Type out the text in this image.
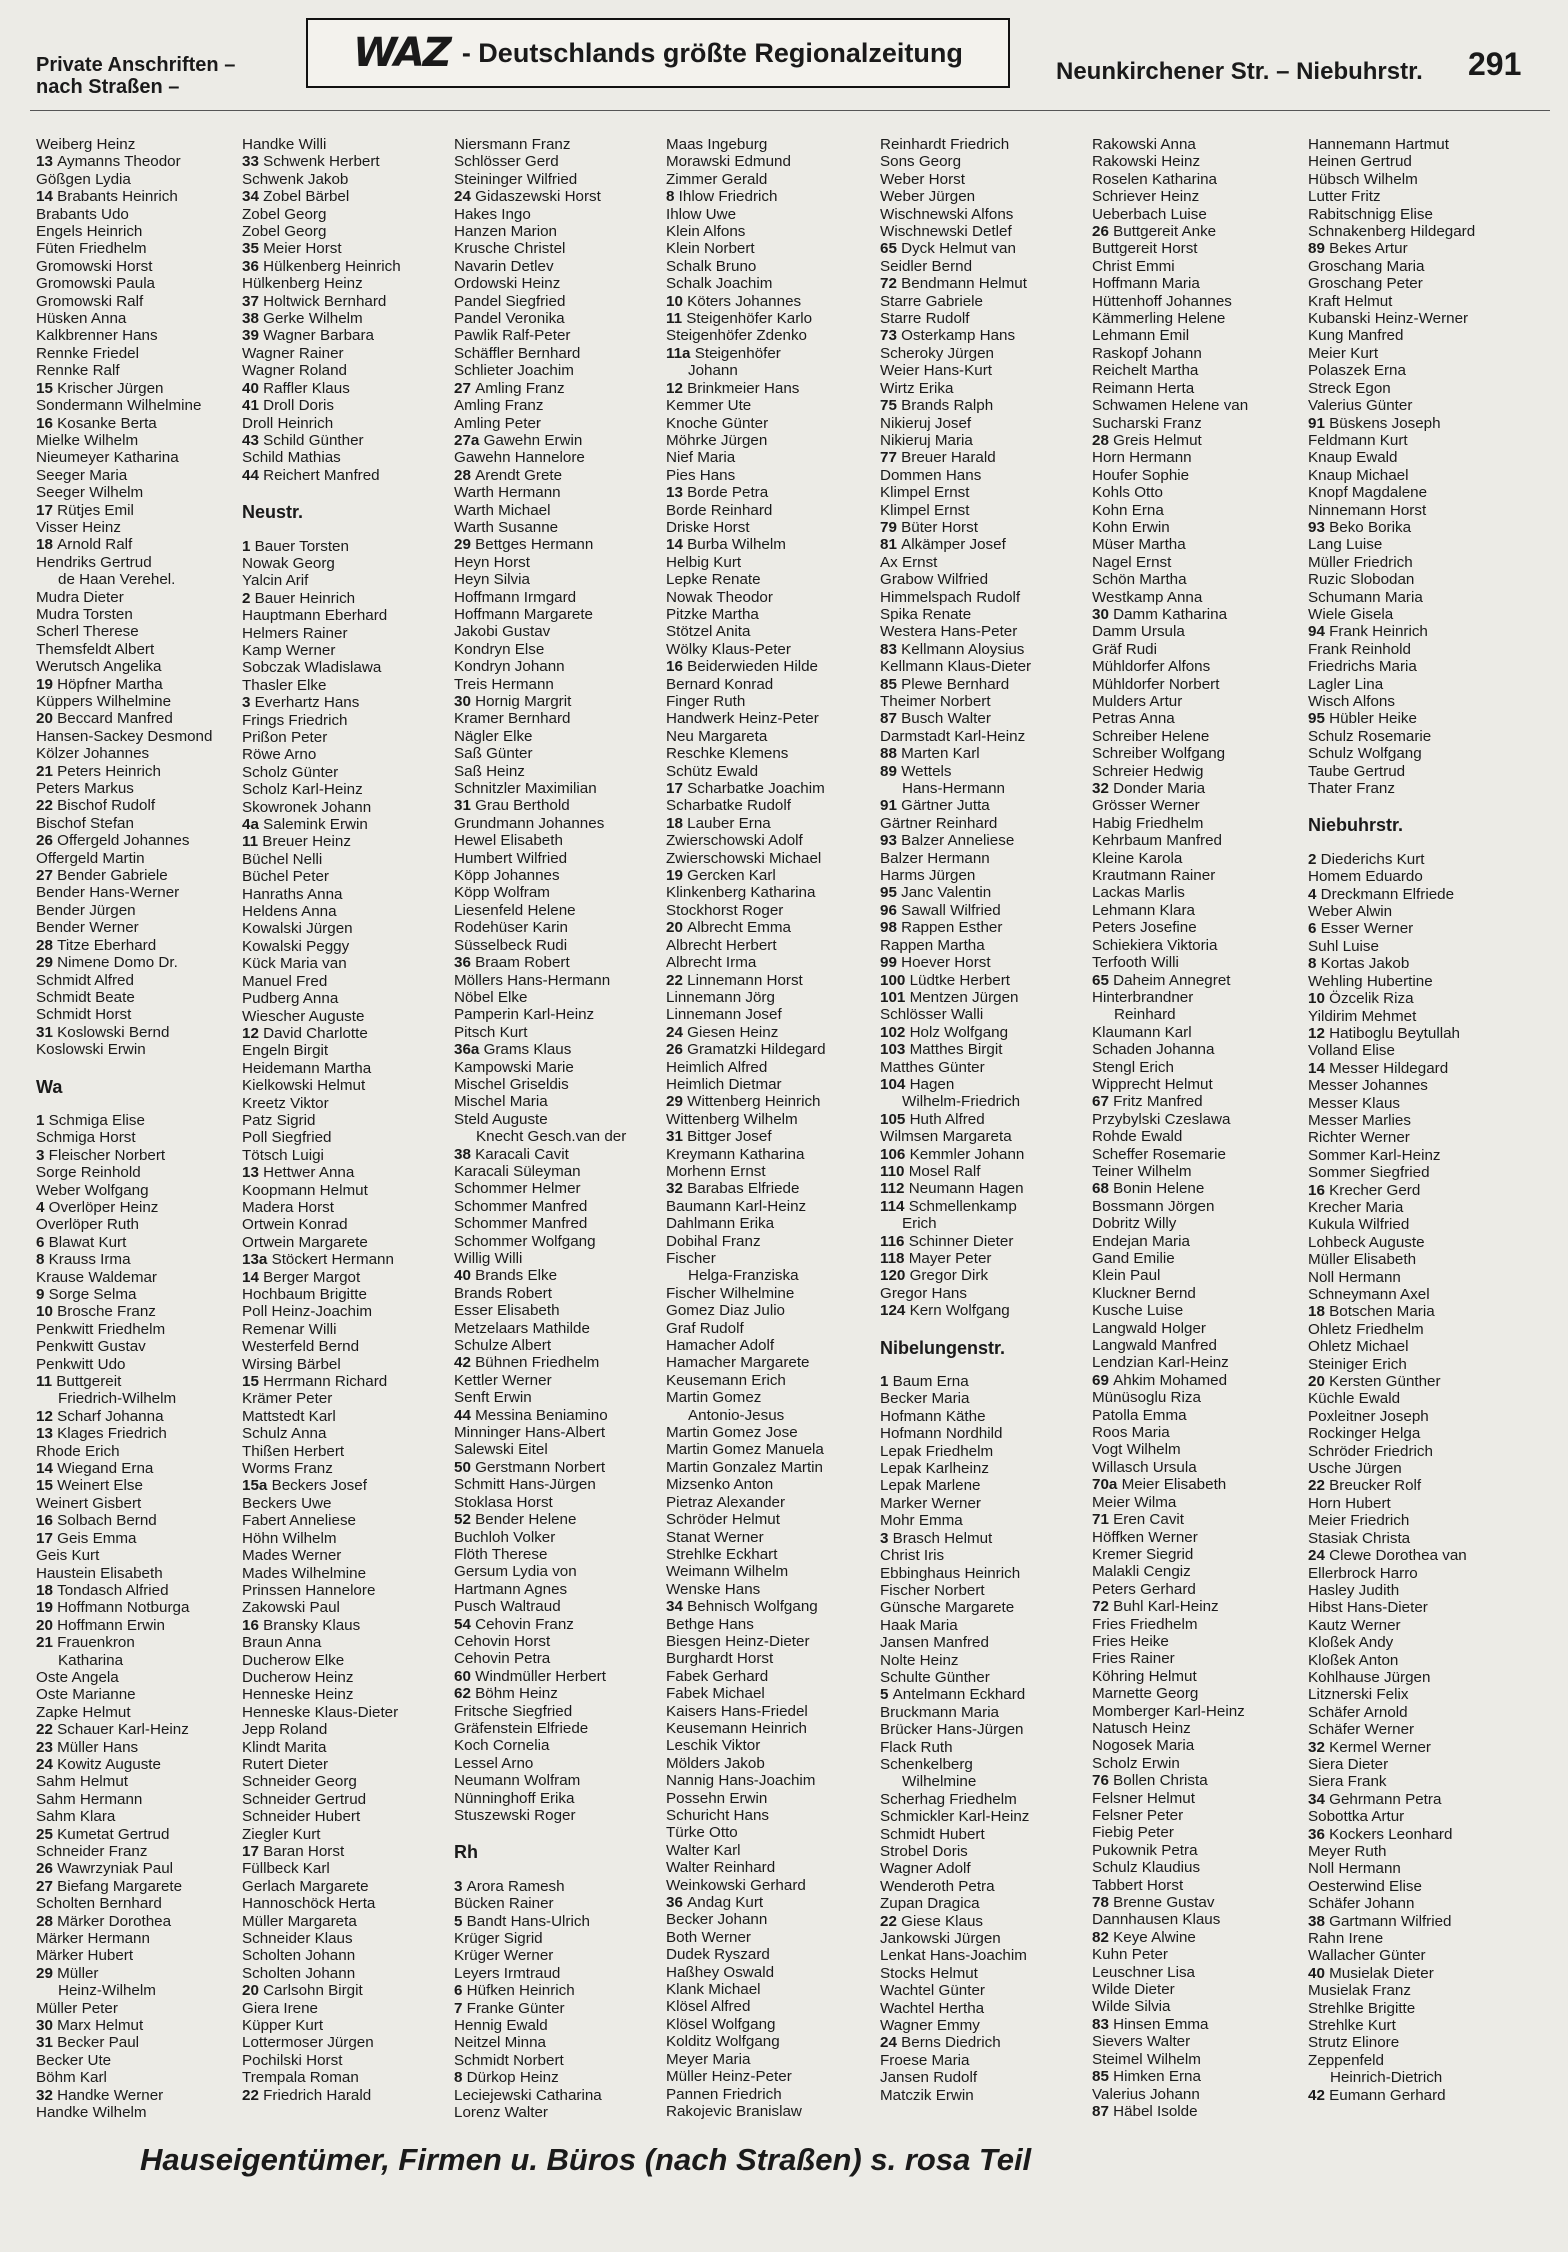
Private Anschriften – nach Straßen –
WAZ - Deutschlands größte Regionalzeitung
Neunkirchener Str. – Niebuhrstr. 291
Weiberg Heinz
13 Aymanns Theodor
Gößgen Lydia
14 Brabants Heinrich
Brabants Udo
Engels Heinrich
Füten Friedhelm
Gromowski Horst
Gromowski Paula
Gromowski Ralf
Hüsken Anna
Kalkbrenner Hans
Rennke Friedel
Rennke Ralf
15 Krischer Jürgen
Sondermann Wilhelmine
16 Kosanke Berta
Mielke Wilhelm
Nieumeyer Katharina
Seeger Maria
Seeger Wilhelm
17 Rütjes Emil
Visser Heinz
18 Arnold Ralf
Hendriks Gertrud
de Haan Verehel.
Mudra Dieter
Mudra Torsten
Scherl Therese
Themsfeldt Albert
Werutsch Angelika
19 Höpfner Martha
Küppers Wilhelmine
20 Beccard Manfred
Hansen-Sackey Desmond
Kölzer Johannes
21 Peters Heinrich
Peters Markus
22 Bischof Rudolf
Bischof Stefan
26 Offergeld Johannes
Offergeld Martin
27 Bender Gabriele
Bender Hans-Werner
Bender Jürgen
Bender Werner
28 Titze Eberhard
29 Nimene Domo Dr.
Schmidt Alfred
Schmidt Beate
Schmidt Horst
31 Koslowski Bernd
Koslowski Erwin
Wa
1 Schmiga Elise
Schmiga Horst
3 Fleischer Norbert
Sorge Reinhold
Weber Wolfgang
4 Overlöper Heinz
Overlöper Ruth
6 Blawat Kurt
8 Krauss Irma
Krause Waldemar
9 Sorge Selma
10 Brosche Franz
Penkwitt Friedhelm
Penkwitt Gustav
Penkwitt Udo
11 Buttgereit
Friedrich-Wilhelm
12 Scharf Johanna
13 Klages Friedrich
Rhode Erich
14 Wiegand Erna
15 Weinert Else
Weinert Gisbert
16 Solbach Bernd
17 Geis Emma
Geis Kurt
Haustein Elisabeth
18 Tondasch Alfried
19 Hoffmann Notburga
20 Hoffmann Erwin
21 Frauenkron
Katharina
Oste Angela
Oste Marianne
Zapke Helmut
22 Schauer Karl-Heinz
23 Müller Hans
24 Kowitz Auguste
Sahm Helmut
Sahm Hermann
Sahm Klara
25 Kumetat Gertrud
Schneider Franz
26 Wawrzyniak Paul
27 Biefang Margarete
Scholten Bernhard
28 Märker Dorothea
Märker Hermann
Märker Hubert
29 Müller
Heinz-Wilhelm
Müller Peter
30 Marx Helmut
31 Becker Paul
Becker Ute
Böhm Karl
32 Handke Werner
Handke Wilhelm
Handke Willi
33 Schwenk Herbert
Schwenk Jakob
34 Zobel Bärbel
Zobel Georg
Zobel Georg
35 Meier Horst
36 Hülkenberg Heinrich
Hülkenberg Heinz
37 Holtwick Bernhard
38 Gerke Wilhelm
39 Wagner Barbara
Wagner Rainer
Wagner Roland
40 Raffler Klaus
41 Droll Doris
Droll Heinrich
43 Schild Günther
Schild Mathias
44 Reichert Manfred
Neustr.
1 Bauer Torsten
Nowak Georg
Yalcin Arif
2 Bauer Heinrich
Hauptmann Eberhard
Helmers Rainer
Kamp Werner
Sobczak Wladislawa
Thasler Elke
3 Everhartz Hans
Frings Friedrich
Prißon Peter
Röwe Arno
Scholz Günter
Scholz Karl-Heinz
Skowronek Johann
4a Salemink Erwin
11 Breuer Heinz
Büchel Nelli
Büchel Peter
Hanraths Anna
Heldens Anna
Kowalski Jürgen
Kowalski Peggy
Kück Maria van
Manuel Fred
Pudberg Anna
Wiescher Auguste
12 David Charlotte
Engeln Birgit
Heidemann Martha
Kielkowski Helmut
Kreetz Viktor
Patz Sigrid
Poll Siegfried
Tötsch Luigi
13 Hettwer Anna
Koopmann Helmut
Madera Horst
Ortwein Konrad
Ortwein Margarete
13a Stöckert Hermann
14 Berger Margot
Hochbaum Brigitte
Poll Heinz-Joachim
Remenar Willi
Westerfeld Bernd
Wirsing Bärbel
15 Herrmann Richard
Krämer Peter
Mattstedt Karl
Schulz Anna
Thißen Herbert
Worms Franz
15a Beckers Josef
Beckers Uwe
Fabert Anneliese
Höhn Wilhelm
Mades Werner
Mades Wilhelmine
Prinssen Hannelore
Zakowski Paul
16 Bransky Klaus
Braun Anna
Ducherow Elke
Ducherow Heinz
Henneske Heinz
Henneske Klaus-Dieter
Jepp Roland
Klindt Marita
Rutert Dieter
Schneider Georg
Schneider Gertrud
Schneider Hubert
Ziegler Kurt
17 Baran Horst
Füllbeck Karl
Gerlach Margarete
Hannoschöck Herta
Müller Margareta
Schneider Klaus
Scholten Johann
Scholten Johann
20 Carlsohn Birgit
Giera Irene
Küpper Kurt
Lottermoser Jürgen
Pochilski Horst
Trempala Roman
22 Friedrich Harald
Niersmann Franz
Schlösser Gerd
Steininger Wilfried
24 Gidaszewski Horst
Hakes Ingo
Hanzen Marion
Krusche Christel
Navarin Detlev
Ordowski Heinz
Pandel Siegfried
Pandel Veronika
Pawlik Ralf-Peter
Schäffler Bernhard
Schlieter Joachim
27 Amling Franz
Amling Franz
Amling Peter
27a Gawehn Erwin
Gawehn Hannelore
28 Arendt Grete
Warth Hermann
Warth Michael
Warth Susanne
29 Bettges Hermann
Heyn Horst
Heyn Silvia
Hoffmann Irmgard
Hoffmann Margarete
Jakobi Gustav
Kondryn Else
Kondryn Johann
Treis Hermann
30 Hornig Margrit
Kramer Bernhard
Nägler Elke
Saß Günter
Saß Heinz
Schnitzler Maximilian
31 Grau Berthold
Grundmann Johannes
Hewel Elisabeth
Humbert Wilfried
Köpp Johannes
Köpp Wolfram
Liesenfeld Helene
Rodehüser Karin
Süsselbeck Rudi
36 Braam Robert
Möllers Hans-Hermann
Nöbel Elke
Pamperin Karl-Heinz
Pitsch Kurt
36a Grams Klaus
Kampowski Marie
Mischel Griseldis
Mischel Maria
Steld Auguste
Knecht Gesch.van der
38 Karacali Cavit
Karacali Süleyman
Schommer Helmer
Schommer Manfred
Schommer Manfred
Schommer Wolfgang
Willig Willi
40 Brands Elke
Brands Robert
Esser Elisabeth
Metzelaars Mathilde
Schulze Albert
42 Bühnen Friedhelm
Kettler Werner
Senft Erwin
44 Messina Beniamino
Minninger Hans-Albert
Salewski Eitel
50 Gerstmann Norbert
Schmitt Hans-Jürgen
Stoklasa Horst
52 Bender Helene
Buchloh Volker
Flöth Therese
Gersum Lydia von
Hartmann Agnes
Pusch Waltraud
54 Cehovin Franz
Cehovin Horst
Cehovin Petra
60 Windmüller Herbert
62 Böhm Heinz
Fritsche Siegfried
Gräfenstein Elfriede
Koch Cornelia
Lessel Arno
Neumann Wolfram
Nünninghoff Erika
Stuszewski Roger
Rh
3 Arora Ramesh
Bücken Rainer
5 Bandt Hans-Ulrich
Krüger Sigrid
Krüger Werner
Leyers Irmtraud
6 Hüfken Heinrich
7 Franke Günter
Hennig Ewald
Neitzel Minna
Schmidt Norbert
8 Dürkop Heinz
Leciejewski Catharina
Lorenz Walter
Maas Ingeburg
Morawski Edmund
Zimmer Gerald
8 Ihlow Friedrich
Ihlow Uwe
Klein Alfons
Klein Norbert
Schalk Bruno
Schalk Joachim
10 Köters Johannes
11 Steigenhöfer Karlo
Steigenhöfer Zdenko
11a Steigenhöfer
Johann
12 Brinkmeier Hans
Kemmer Ute
Knoche Günter
Möhrke Jürgen
Nief Maria
Pies Hans
13 Borde Petra
Borde Reinhard
Driske Horst
14 Burba Wilhelm
Helbig Kurt
Lepke Renate
Nowak Theodor
Pitzke Martha
Stötzel Anita
Wölky Klaus-Peter
16 Beiderwieden Hilde
Bernard Konrad
Finger Ruth
Handwerk Heinz-Peter
Neu Margareta
Reschke Klemens
Schütz Ewald
17 Scharbatke Joachim
Scharbatke Rudolf
18 Lauber Erna
Zwierschowski Adolf
Zwierschowski Michael
19 Gercken Karl
Klinkenberg Katharina
Stockhorst Roger
20 Albrecht Emma
Albrecht Herbert
Albrecht Irma
22 Linnemann Horst
Linnemann Jörg
Linnemann Josef
24 Giesen Heinz
26 Gramatzki Hildegard
Heimlich Alfred
Heimlich Dietmar
29 Wittenberg Heinrich
Wittenberg Wilhelm
31 Bittger Josef
Kreymann Katharina
Morhenn Ernst
32 Barabas Elfriede
Baumann Karl-Heinz
Dahlmann Erika
Dobihal Franz
Fischer
Helga-Franziska
Fischer Wilhelmine
Gomez Diaz Julio
Graf Rudolf
Hamacher Adolf
Hamacher Margarete
Keusemann Erich
Martin Gomez
Antonio-Jesus
Martin Gomez Jose
Martin Gomez Manuela
Martin Gonzalez Martin
Mizsenko Anton
Pietraz Alexander
Schröder Helmut
Stanat Werner
Strehlke Eckhart
Weimann Wilhelm
Wenske Hans
34 Behnisch Wolfgang
Bethge Hans
Biesgen Heinz-Dieter
Burghardt Horst
Fabek Gerhard
Fabek Michael
Kaisers Hans-Friedel
Keusemann Heinrich
Leschik Viktor
Mölders Jakob
Nannig Hans-Joachim
Possehn Erwin
Schuricht Hans
Türke Otto
Walter Karl
Walter Reinhard
Weinkowski Gerhard
36 Andag Kurt
Becker Johann
Both Werner
Dudek Ryszard
Haßhey Oswald
Klank Michael
Klösel Alfred
Klösel Wolfgang
Kolditz Wolfgang
Meyer Maria
Müller Heinz-Peter
Pannen Friedrich
Rakojevic Branislaw
Reinhardt Friedrich
Sons Georg
Weber Horst
Weber Jürgen
Wischnewski Alfons
Wischnewski Detlef
65 Dyck Helmut van
Seidler Bernd
72 Bendmann Helmut
Starre Gabriele
Starre Rudolf
73 Osterkamp Hans
Scheroky Jürgen
Weier Hans-Kurt
Wirtz Erika
75 Brands Ralph
Nikieruj Josef
Nikieruj Maria
77 Breuer Harald
Dommen Hans
Klimpel Ernst
Klimpel Ernst
79 Büter Horst
81 Alkämper Josef
Ax Ernst
Grabow Wilfried
Himmelspach Rudolf
Spika Renate
Westera Hans-Peter
83 Kellmann Aloysius
Kellmann Klaus-Dieter
85 Plewe Bernhard
Theimer Norbert
87 Busch Walter
Darmstadt Karl-Heinz
88 Marten Karl
89 Wettels
Hans-Hermann
91 Gärtner Jutta
Gärtner Reinhard
93 Balzer Anneliese
Balzer Hermann
Harms Jürgen
95 Janc Valentin
96 Sawall Wilfried
98 Rappen Esther
Rappen Martha
99 Hoever Horst
100 Lüdtke Herbert
101 Mentzen Jürgen
Schlösser Walli
102 Holz Wolfgang
103 Matthes Birgit
Matthes Günter
104 Hagen
Wilhelm-Friedrich
105 Huth Alfred
Wilmsen Margareta
106 Kemmler Johann
110 Mosel Ralf
112 Neumann Hagen
114 Schmellenkamp
Erich
116 Schinner Dieter
118 Mayer Peter
120 Gregor Dirk
Gregor Hans
124 Kern Wolfgang
Nibelungenstr.
1 Baum Erna
Becker Maria
Hofmann Käthe
Hofmann Nordhild
Lepak Friedhelm
Lepak Karlheinz
Lepak Marlene
Marker Werner
Mohr Emma
3 Brasch Helmut
Christ Iris
Ebbinghaus Heinrich
Fischer Norbert
Günsche Margarete
Haak Maria
Jansen Manfred
Nolte Heinz
Schulte Günther
5 Antelmann Eckhard
Bruckmann Maria
Brücker Hans-Jürgen
Flack Ruth
Schenkelberg
Wilhelmine
Scherhag Friedhelm
Schmickler Karl-Heinz
Schmidt Hubert
Strobel Doris
Wagner Adolf
Wenderoth Petra
Zupan Dragica
22 Giese Klaus
Jankowski Jürgen
Lenkat Hans-Joachim
Stocks Helmut
Wachtel Günter
Wachtel Hertha
Wagner Emmy
24 Berns Diedrich
Froese Maria
Jansen Rudolf
Matczik Erwin
Rakowski Anna
Rakowski Heinz
Roselen Katharina
Schriever Heinz
Ueberbach Luise
26 Buttgereit Anke
Buttgereit Horst
Christ Emmi
Hoffmann Maria
Hüttenhoff Johannes
Kämmerling Helene
Lehmann Emil
Raskopf Johann
Reichelt Martha
Reimann Herta
Schwamen Helene van
Sucharski Franz
28 Greis Helmut
Horn Hermann
Houfer Sophie
Kohls Otto
Kohn Erna
Kohn Erwin
Müser Martha
Nagel Ernst
Schön Martha
Westkamp Anna
30 Damm Katharina
Damm Ursula
Gräf Rudi
Mühldorfer Alfons
Mühldorfer Norbert
Mulders Artur
Petras Anna
Schreiber Helene
Schreiber Wolfgang
Schreier Hedwig
32 Donder Maria
Grösser Werner
Habig Friedhelm
Kehrbaum Manfred
Kleine Karola
Krautmann Rainer
Lackas Marlis
Lehmann Klara
Peters Josefine
Schiekiera Viktoria
Terfooth Willi
65 Daheim Annegret
Hinterbrandner
Reinhard
Klaumann Karl
Schaden Johanna
Stengl Erich
Wipprecht Helmut
67 Fritz Manfred
Przybylski Czeslawa
Rohde Ewald
Scheffer Rosemarie
Teiner Wilhelm
68 Bonin Helene
Bossmann Jörgen
Dobritz Willy
Endejan Maria
Gand Emilie
Klein Paul
Kluckner Bernd
Kusche Luise
Langwald Holger
Langwald Manfred
Lendzian Karl-Heinz
69 Ahkim Mohamed
Münüsoglu Riza
Patolla Emma
Roos Maria
Vogt Wilhelm
Willasch Ursula
70a Meier Elisabeth
Meier Wilma
71 Eren Cavit
Höffken Werner
Kremer Siegrid
Malakli Cengiz
Peters Gerhard
72 Buhl Karl-Heinz
Fries Friedhelm
Fries Heike
Fries Rainer
Köhring Helmut
Marnette Georg
Momberger Karl-Heinz
Natusch Heinz
Nogosek Maria
Scholz Erwin
76 Bollen Christa
Felsner Helmut
Felsner Peter
Fiebig Peter
Pukownik Petra
Schulz Klaudius
Tabbert Horst
78 Brenne Gustav
Dannhausen Klaus
82 Keye Alwine
Kuhn Peter
Leuschner Lisa
Wilde Dieter
Wilde Silvia
83 Hinsen Emma
Sievers Walter
Steimel Wilhelm
85 Himken Erna
Valerius Johann
87 Häbel Isolde
Hannemann Hartmut
Heinen Gertrud
Hübsch Wilhelm
Lutter Fritz
Rabitschnigg Elise
Schnakenberg Hildegard
89 Bekes Artur
Groschang Maria
Groschang Peter
Kraft Helmut
Kubanski Heinz-Werner
Kung Manfred
Meier Kurt
Polaszek Erna
Streck Egon
Valerius Günter
91 Büskens Joseph
Feldmann Kurt
Knaup Ewald
Knaup Michael
Knopf Magdalene
Ninnemann Horst
93 Beko Borika
Lang Luise
Müller Friedrich
Ruzic Slobodan
Schumann Maria
Wiele Gisela
94 Frank Heinrich
Frank Reinhold
Friedrichs Maria
Lagler Lina
Wisch Alfons
95 Hübler Heike
Schulz Rosemarie
Schulz Wolfgang
Taube Gertrud
Thater Franz
Niebuhrstr.
2 Diederichs Kurt
Homem Eduardo
4 Dreckmann Elfriede
Weber Alwin
6 Esser Werner
Suhl Luise
8 Kortas Jakob
Wehling Hubertine
10 Özcelik Riza
Yildirim Mehmet
12 Hatiboglu Beytullah
Volland Elise
14 Messer Hildegard
Messer Johannes
Messer Klaus
Messer Marlies
Richter Werner
Sommer Karl-Heinz
Sommer Siegfried
16 Krecher Gerd
Krecher Maria
Kukula Wilfried
Lohbeck Auguste
Müller Elisabeth
Noll Hermann
Schneymann Axel
18 Botschen Maria
Ohletz Friedhelm
Ohletz Michael
Steiniger Erich
20 Kersten Günther
Küchle Ewald
Poxleitner Joseph
Rockinger Helga
Schröder Friedrich
Usche Jürgen
22 Breucker Rolf
Horn Hubert
Meier Friedrich
Stasiak Christa
24 Clewe Dorothea van
Ellerbrock Harro
Hasley Judith
Hibst Hans-Dieter
Kautz Werner
Kloßek Andy
Kloßek Anton
Kohlhause Jürgen
Litznerski Felix
Schäfer Arnold
Schäfer Werner
32 Kermel Werner
Siera Dieter
Siera Frank
34 Gehrmann Petra
Sobottka Artur
36 Kockers Leonhard
Meyer Ruth
Noll Hermann
Oesterwind Elise
Schäfer Johann
38 Gartmann Wilfried
Rahn Irene
Wallacher Günter
40 Musielak Dieter
Musielak Franz
Strehlke Brigitte
Strehlke Kurt
Strutz Elinore
Zeppenfeld
Heinrich-Dietrich
42 Eumann Gerhard
Hauseigentümer, Firmen u. Büros (nach Straßen) s. rosa Teil
